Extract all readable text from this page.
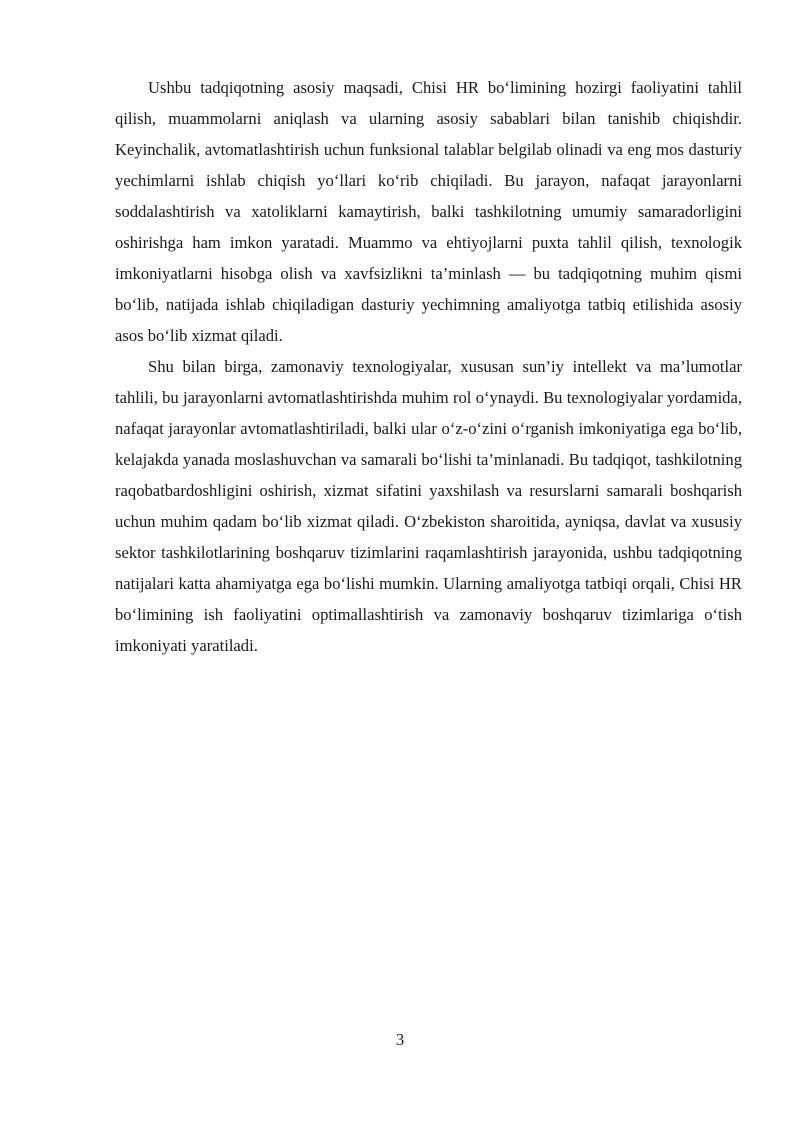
Ushbu tadqiqotning asosiy maqsadi, Chisi HR bo‘limining hozirgi faoliyatini tahlil qilish, muammolarni aniqlash va ularning asosiy sabablari bilan tanishib chiqishdir. Keyinchalik, avtomatlashtirish uchun funksional talablar belgilab olinadi va eng mos dasturiy yechimlarni ishlab chiqish yo‘llari ko‘rib chiqiladi. Bu jarayon, nafaqat jarayonlarni soddalashtirish va xatoliklarni kamaytirish, balki tashkilotning umumiy samaradorligini oshirishga ham imkon yaratadi. Muammo va ehtiyojlarni puxta tahlil qilish, texnologik imkoniyatlarni hisobga olish va xavfsizlikni ta’minlash — bu tadqiqotning muhim qismi bo‘lib, natijada ishlab chiqiladigan dasturiy yechimning amaliyotga tatbiq etilishida asosiy asos bo‘lib xizmat qiladi.

Shu bilan birga, zamonaviy texnologiyalar, xususan sun’iy intellekt va ma’lumotlar tahlili, bu jarayonlarni avtomatlashtirishda muhim rol o‘ynaydi. Bu texnologiyalar yordamida, nafaqat jarayonlar avtomatlashtiriladi, balki ular o‘z-o‘zini o‘rganish imkoniyatiga ega bo‘lib, kelajakda yanada moslashuvchan va samarali bo‘lishi ta’minlanadi. Bu tadqiqot, tashkilotning raqobatbardoshligini oshirish, xizmat sifatini yaxshilash va resurslarni samarali boshqarish uchun muhim qadam bo‘lib xizmat qiladi. O‘zbekiston sharoitida, ayniqsa, davlat va xususiy sektor tashkilotlarining boshqaruv tizimlarini raqamlashtirish jarayonida, ushbu tadqiqotning natijalari katta ahamiyatga ega bo‘lishi mumkin. Ularning amaliyotga tatbiqi orqali, Chisi HR bo‘limining ish faoliyatini optimallashtirish va zamonaviy boshqaruv tizimlariga o‘tish imkoniyati yaratiladi.

3
